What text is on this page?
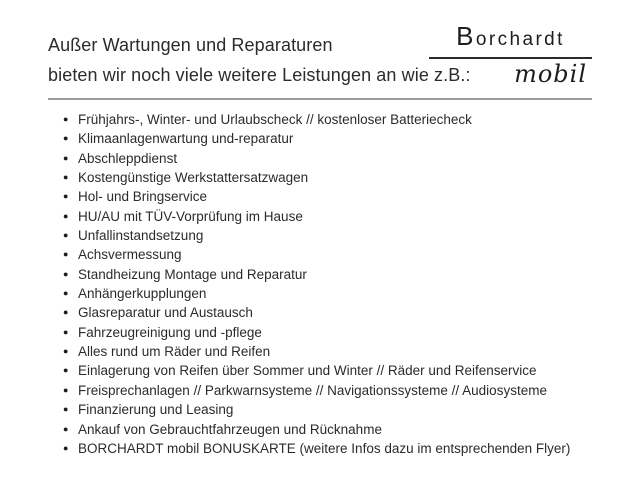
Außer Wartungen und Reparaturen
bieten wir noch viele weitere Leistungen an wie z.B.:
Borchardt
mobil
● Frühjahrs-, Winter- und Urlaubscheck // kostenloser Batteriecheck
● Klimaanlagenwartung und-reparatur
● Abschleppdienst
● Kostengünstige Werkstattersatzwagen
● Hol- und Bringservice
● HU/AU mit TÜV-Vorprüfung im Hause
● Unfallinstandsetzung
● Achsvermessung
● Standheizung Montage und Reparatur
● Anhängerkupplungen
● Glasreparatur und Austausch
● Fahrzeugreinigung und -pflege
● Alles rund um Räder und Reifen
● Einlagerung von Reifen über Sommer und Winter // Räder und Reifenservice
● Freisprechanlagen // Parkwarnsysteme // Navigationssysteme // Audiosysteme
● Finanzierung und Leasing
● Ankauf von Gebrauchtfahrzeugen und Rücknahme
● BORCHARDT mobil BONUSKARTE (weitere Infos dazu im entsprechenden Flyer)
